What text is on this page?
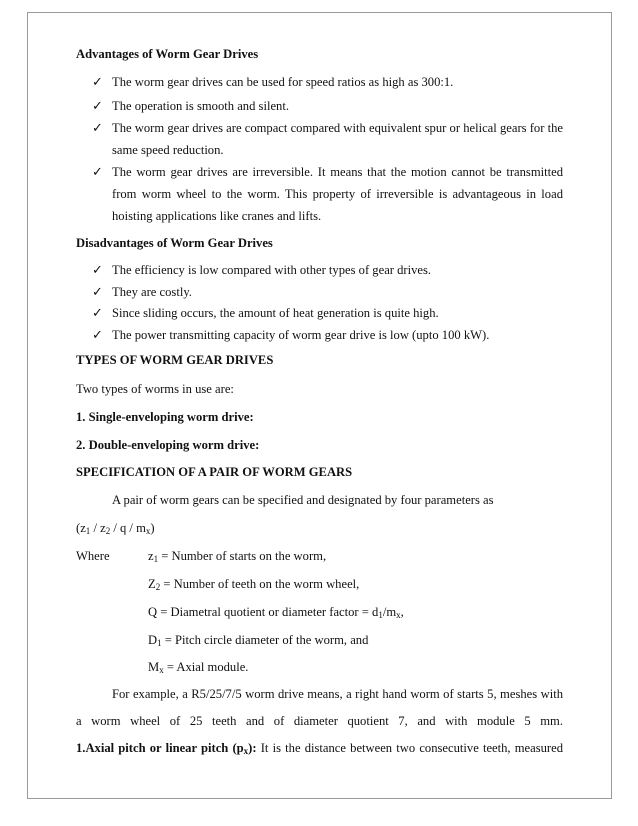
Advantages of Worm Gear Drives
✓ The worm gear drives can be used for speed ratios as high as 300:1.
✓ The operation is smooth and silent.
✓ The worm gear drives are compact compared with equivalent spur or helical gears for the
same speed reduction.
✓ The worm gear drives are irreversible. It means that the motion cannot be transmitted
from worm wheel to the worm. This property of irreversible is advantageous in load
hoisting applications like cranes and lifts.
Disadvantages of Worm Gear Drives
✓ The efficiency is low compared with other types of gear drives.
✓ They are costly.
✓ Since sliding occurs, the amount of heat generation is quite high.
✓ The power transmitting capacity of worm gear drive is low (upto 100 kW).
TYPES OF WORM GEAR DRIVES
Two types of worms in use are:
1. Single-enveloping worm drive:
2. Double-enveloping worm drive:
SPECIFICATION OF A PAIR OF WORM GEARS
A pair of worm gears can be specified and designated by four parameters as
($z_1 / z_2$ / q / $m_x$)
Where	$z_1$ = Number of starts on the worm,
$Z_2$ = Number of teeth on the worm wheel,
Q = Diametral quotient or diameter factor = $d_1/m_x$,
$D_1$ = Pitch circle diameter of the worm, and
$M_x$ = Axial module.
For example, a R5/25/7/5 worm drive means, a right hand worm of starts 5, meshes with
a worm wheel of 25 teeth and of diameter quotient 7, and with module 5 mm.
1.Axial pitch or linear pitch $(p_x)$: It is the distance between two consecutive teeth, measured
